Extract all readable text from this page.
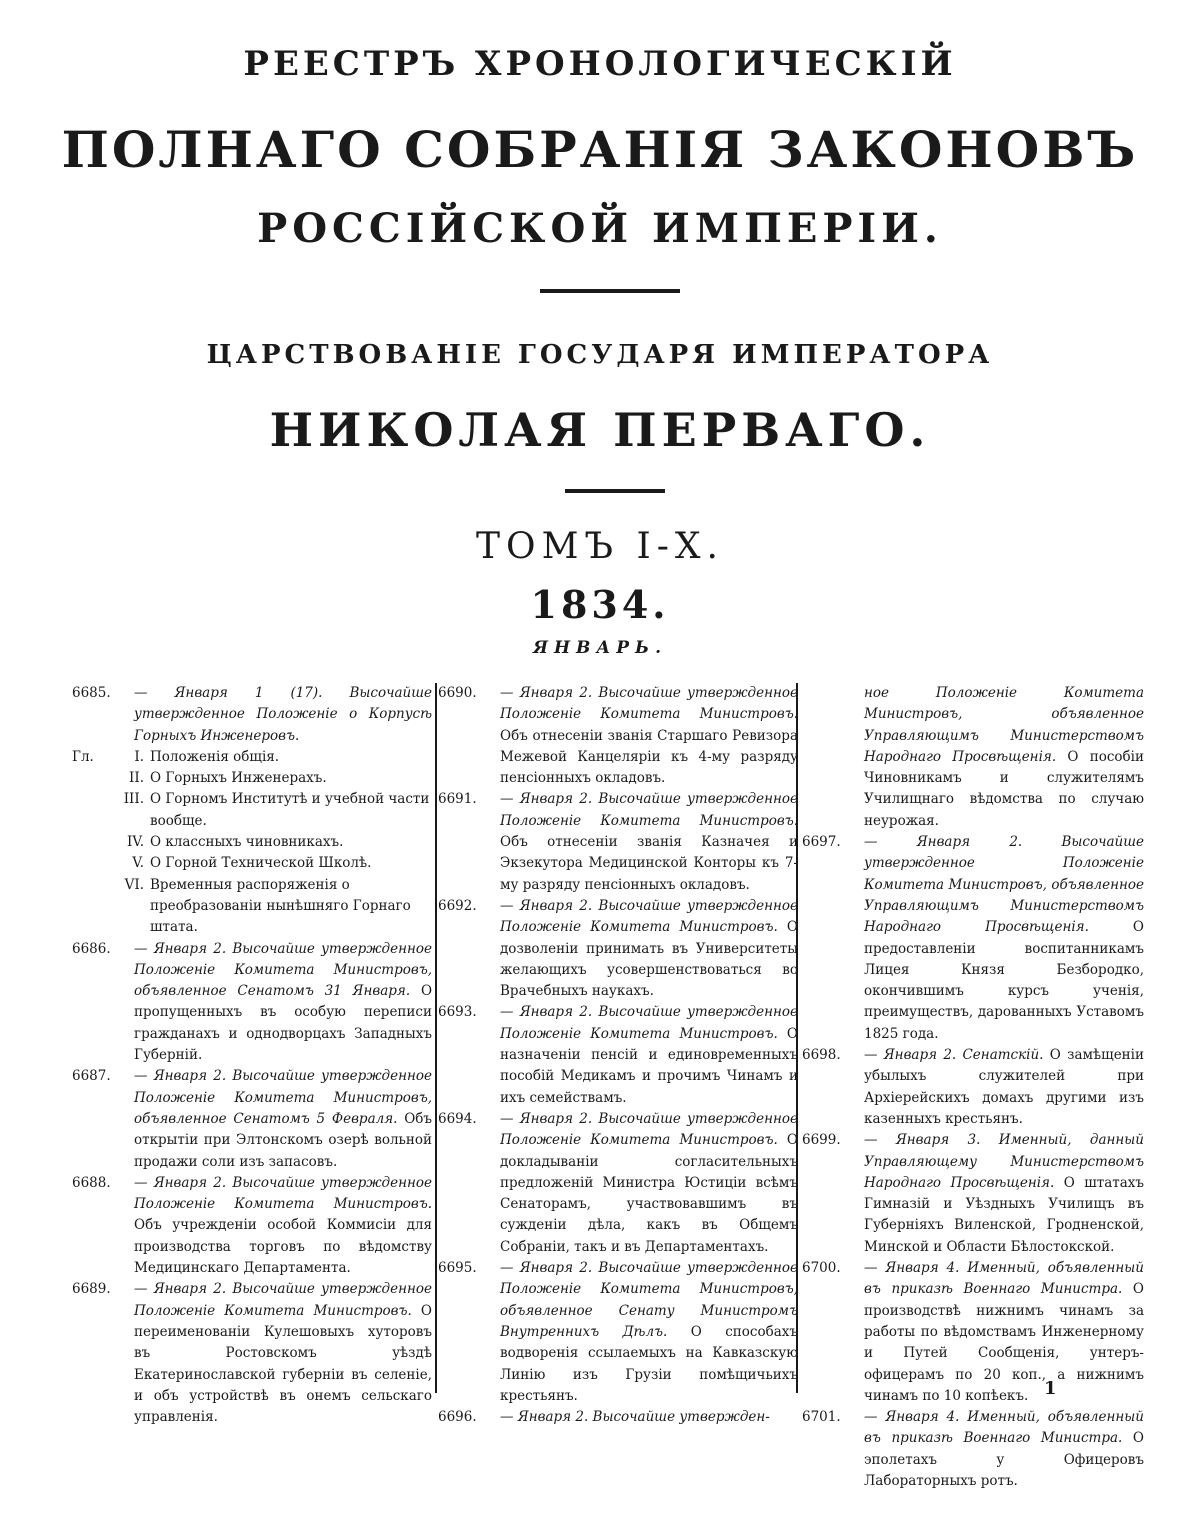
РЕЕСТРЪ ХРОНОЛОГИЧЕСКІЙ
ПОЛНАГО СОБРАНІЯ ЗАКОНОВЪ
РОССІЙСКОЙ ИМПЕРІИ.
ЦАРСТВОВАНІЕ ГОСУДАРЯ ИМПЕРАТОРА
НИКОЛАЯ ПЕРВАГО.
ТОМЪ І-Х.
1834.
ЯНВАРЬ.

6685.	— Января 1 (17). Высочайше утвержденное Положеніе о Корпусѣ Горныхъ Инженеровъ.

Гл.	I. Положенія общія.

II. О Горныхъ Инженерахъ.

III. О Горномъ Институтѣ и учебной части вообще.

IV. О классныхъ чиновникахъ.

V. О Горной Технической Школѣ.

VI. Временныя распоряженія о преобразованіи нынѣшняго Горнаго штата.

6686.	— Января 2. Высочайше утвержденное Положеніе Комитета Министровъ, объявленное Сенатомъ 31 Января. О пропущенныхъ въ особую переписи гражданахъ и однодворцахъ Западныхъ Губерній.

6687.	— Января 2. Высочайше утвержденное Положеніе Комитета Министровъ, объявленное Сенатомъ 5 Февраля. Объ открытіи при Элтонскомъ озерѣ вольной продажи соли изъ запасовъ.

6688.	— Января 2. Высочайше утвержденное Положеніе Комитета Министровъ. Объ учрежденіи особой Коммисіи для производства торговъ по вѣдомству Медицинскаго Департамента.

6689.	— Января 2. Высочайше утвержденное Положеніе Комитета Министровъ. О переименованіи Кулешовыхъ хуторовъ въ Ростовскомъ уѣздѣ Екатеринославской губерніи въ селеніе, и объ устройствѣ въ онемъ сельскаго управленія.

6690.	— Января 2. Высочайше утвержденное Положеніе Комитета Министровъ. Объ отнесеніи званія Старшаго Ревизора Межевой Канцеляріи къ 4-му разряду пенсіонныхъ окладовъ.

6691.	— Января 2. Высочайше утвержденное Положеніе Комитета Министровъ. Объ отнесеніи званія Казначея и Экзекутора Медицинской Конторы къ 7-му разряду пенсіонныхъ окладовъ.

6692.	— Января 2. Высочайше утвержденное Положеніе Комитета Министровъ. О дозволеніи принимать въ Университеты желающихъ усовершенствоваться во Врачебныхъ наукахъ.

6693.	— Января 2. Высочайше утвержденное Положеніе Комитета Министровъ. О назначеніи пенсій и единовременныхъ пособій Медикамъ и прочимъ Чинамъ и ихъ семействамъ.

6694.	— Января 2. Высочайше утвержденное Положеніе Комитета Министровъ. О докладываніи согласительныхъ предложеній Министра Юстиціи всѣмъ Сенаторамъ, участвовавшимъ въ сужденіи дѣла, какъ въ Общемъ Собраніи, такъ и въ Департаментахъ.

6695.	— Января 2. Высочайше утвержденное Положеніе Комитета Министровъ, объявленное Сенату Министромъ Внутреннихъ Дѣлъ. О способахъ водворенія ссылаемыхъ на Кавказскую Линію изъ Грузіи помѣщичьихъ крестьянъ.

6696.	— Января 2. Высочайше утвержден-

ное Положеніе Комитета Министровъ, объявленное Управляющимъ Министерствомъ Народнаго Просвѣщенія. О пособіи Чиновникамъ и служителямъ Училищнаго вѣдомства по случаю неурожая.

6697.	— Января 2. Высочайше утвержденное Положеніе Комитета Министровъ, объявленное Управляющимъ Министерствомъ Народнаго Просвѣщенія.	О предоставленіи воспитанникамъ Лицея Князя Безбородко, окончившимъ курсъ ученія, преимуществъ, дарованныхъ Уставомъ 1825 года.

6698.	— Января 2. Сенатскій. О замѣщеніи убылыхъ служителей при Архіерейскихъ домахъ другими изъ казенныхъ крестьянъ.

6699.	— Января 3. Именный, данный Управляющему Министерствомъ Народнаго Просвѣщенія. О штатахъ Гимназій и Уѣздныхъ Училищъ въ Губерніяхъ Виленской, Гродненской, Минской и Области Бѣлостокской.

6700.	— Января 4. Именный, объявленный въ приказѣ Военнаго Министра. О производствѣ нижнимъ чинамъ за работы по вѣдомствамъ Инженерному и Путей Сообщенія, унтеръ-офицерамъ по 20 коп., а нижнимъ чинамъ по 10 копѣекъ.

6701.	— Января 4. Именный, объявленный въ приказѣ Военнаго Министра. О эполетахъ у Офицеровъ Лабораторныхъ ротъ.

1
